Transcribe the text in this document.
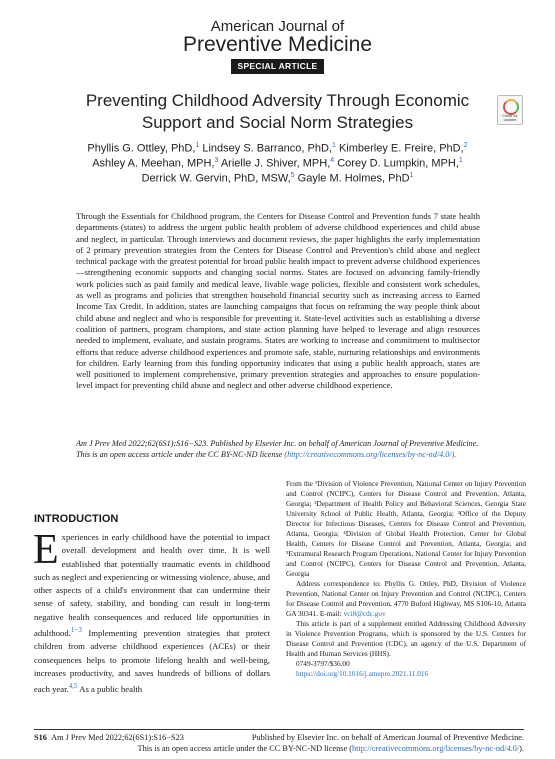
American Journal of
Preventive Medicine
SPECIAL ARTICLE
Preventing Childhood Adversity Through Economic
Support and Social Norm Strategies	Check for updates
Phyllis G. Ottley, PhD,$^1$ Lindsey S. Barranco, PhD,$^1$ Kimberley E. Freire, PhD,$^2$
Ashley A. Meehan, MPH,$^3$ Arielle J. Shiver, MPH,$^4$ Corey D. Lumpkin, MPH,$^1$
Derrick W. Gervin, PhD, MSW,$^5$ Gayle M. Holmes, PhD$^1$
Through the Essentials for Childhood program, the Centers for Disease Control and Prevention funds 7 state health departments (states) to address the urgent public health problem of adverse childhood experiences and child abuse and neglect, in particular. Through interviews and document reviews, the paper highlights the early implementation of 2 primary prevention strategies from the Centers for Disease Control and Prevention's child abuse and neglect technical package with the greatest potential for broad public health impact to prevent adverse childhood experiences—strengthening economic supports and changing social norms. States are focused on advancing family-friendly work policies such as paid family and medical leave, livable wage policies, flexible and consistent work schedules, as well as programs and policies that strengthen household financial security such as increasing access to Earned Income Tax Credit. In addition, states are launching campaigns that focus on reframing the way people think about child abuse and neglect and who is responsible for preventing it. State-level activities such as establishing a diverse coalition of partners, program champions, and state action planning have helped to leverage and align resources needed to implement, evaluate, and sustain programs. States are working to increase and commitment to multisector efforts that reduce adverse childhood experiences and promote safe, stable, nurturing relationships and environments for children. Early learning from this funding opportunity indicates that using a public health approach, states are well positioned to implement comprehensive, primary prevention strategies and approaches to ensure population-level impact for preventing child abuse and neglect and other adverse childhood experience.
Am J Prev Med 2022;62(6S1):S16−S23. Published by Elsevier Inc. on behalf of American Journal of Preventive Medicine. This is an open access article under the CC BY-NC-ND license (http://creativecommons.org/licenses/by-nc-nd/4.0/).
INTRODUCTION
Experiences in early childhood have the potential to impact overall development and health over time. It is well established that potentially traumatic events in childhood such as neglect and experiencing or witnessing violence, abuse, and other aspects of a child's environment that can undermine their sense of safety, stability, and bonding can result in long-term negative health consequences and reduced life opportunities in adulthood.$^{1-3}$ Implementing prevention strategies that protect children from adverse childhood experiences (ACEs) or their consequences helps to promote lifelong health and well-being, increases productivity, and saves hundreds of billions of dollars each year.$^{4,5}$ As a public health

From the ¹Division of Violence Prevention, National Center on Injury Prevention and Control (NCIPC), Centers for Disease Control and Prevention, Atlanta, Georgia; ²Department of Health Policy and Behavioral Sciences, Georgia State University School of Public Health, Atlanta, Georgia; ³Office of the Deputy Director for Infectious Diseases, Centers for Disease Control and Prevention, Atlanta, Georgia; ⁴Division of Global Health Protection, Center for Global Health, Centers for Disease Control and Prevention, Atlanta, Georgia; and ⁵Extramural Research Program Operations, National Center for Injury Prevention and Control (NCIPC), Centers for Disease Control and Prevention, Atlanta, Georgia

Address correspondence to: Phyllis G. Ottley, PhD, Division of Violence Prevention, National Center on Injury Prevention and Control (NCIPC), Centers for Disease Control and Prevention, 4770 Buford Highway, MS S106-10, Atlanta GA 30341. E-mail: vci8@cdc.gov

This article is part of a supplement entitled Addressing Childhood Adversity in Violence Prevention Programs, which is sponsored by the U.S. Centers for Disease Control and Prevention (CDC), an agency of the U.S. Department of Health and Human Services (HHS).

0749-3797/$36.00

https://doi.org/10.1016/j.amepre.2021.11.016

S16 Am J Prev Med 2022;62(6S1):S16−S23	Published by Elsevier Inc. on behalf of American Journal of Preventive Medicine.
This is an open access article under the CC BY-NC-ND license (http://creativecommons.org/licenses/by-nc-nd/4.0/).
